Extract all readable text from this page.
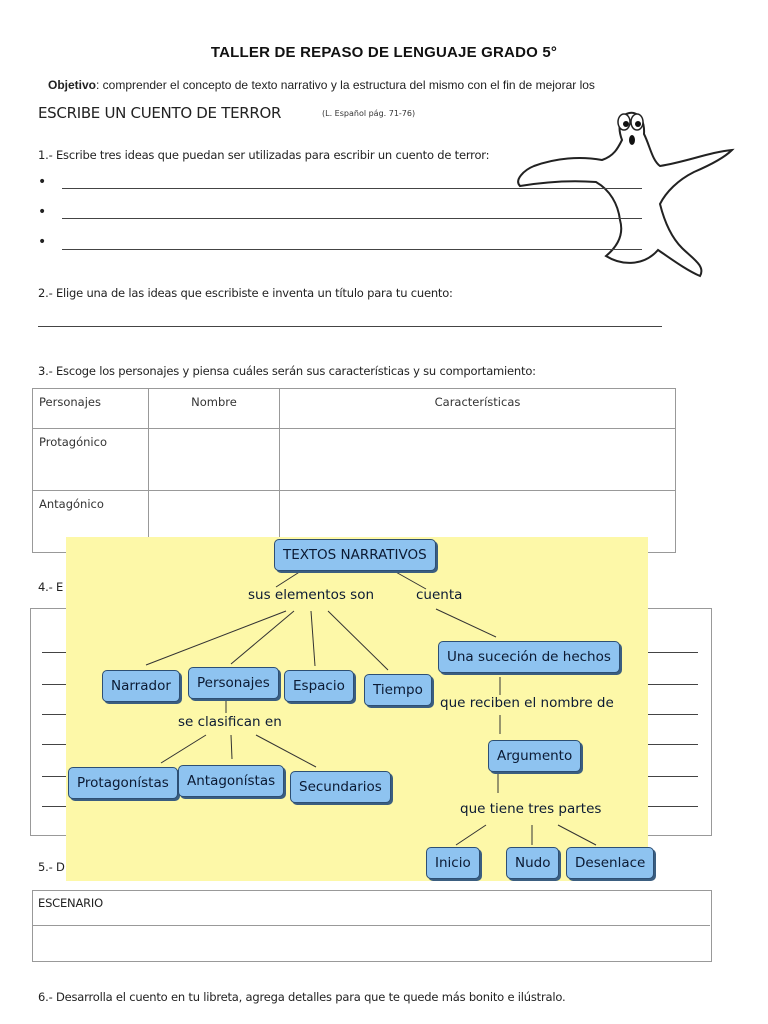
TALLER DE REPASO DE LENGUAJE GRADO 5°
Objetivo: comprender el concepto de texto narrativo y la estructura del mismo con el fin de mejorar los
ESCRIBE UN CUENTO DE TERROR	(L. Español pág. 71-76)
1.- Escribe tres ideas que puedan ser utilizadas para escribir un cuento de terror:
•
•
•
2.- Elige una de las ideas que escribiste e inventa un título para tu cuento:
3.- Escoge los personajes y piensa cuáles serán sus características y su comportamiento:
Personajes	Nombre	Características
Protagónico		
Antagónico		
4.- E
5.- D
ESCENARIO
6.- Desarrolla el cuento en tu libreta, agrega detalles para que te quede más bonito e ilústralo.
TEXTOS NARRATIVOS
sus elementos son	cuenta
Narrador	Personajes	Espacio	Tiempo
se clasifican en
Protagonístas	Antagonístas	Secundarios
Una suceción de hechos
que reciben el nombre de
Argumento
que tiene tres partes
Inicio	Nudo	Desenlace
